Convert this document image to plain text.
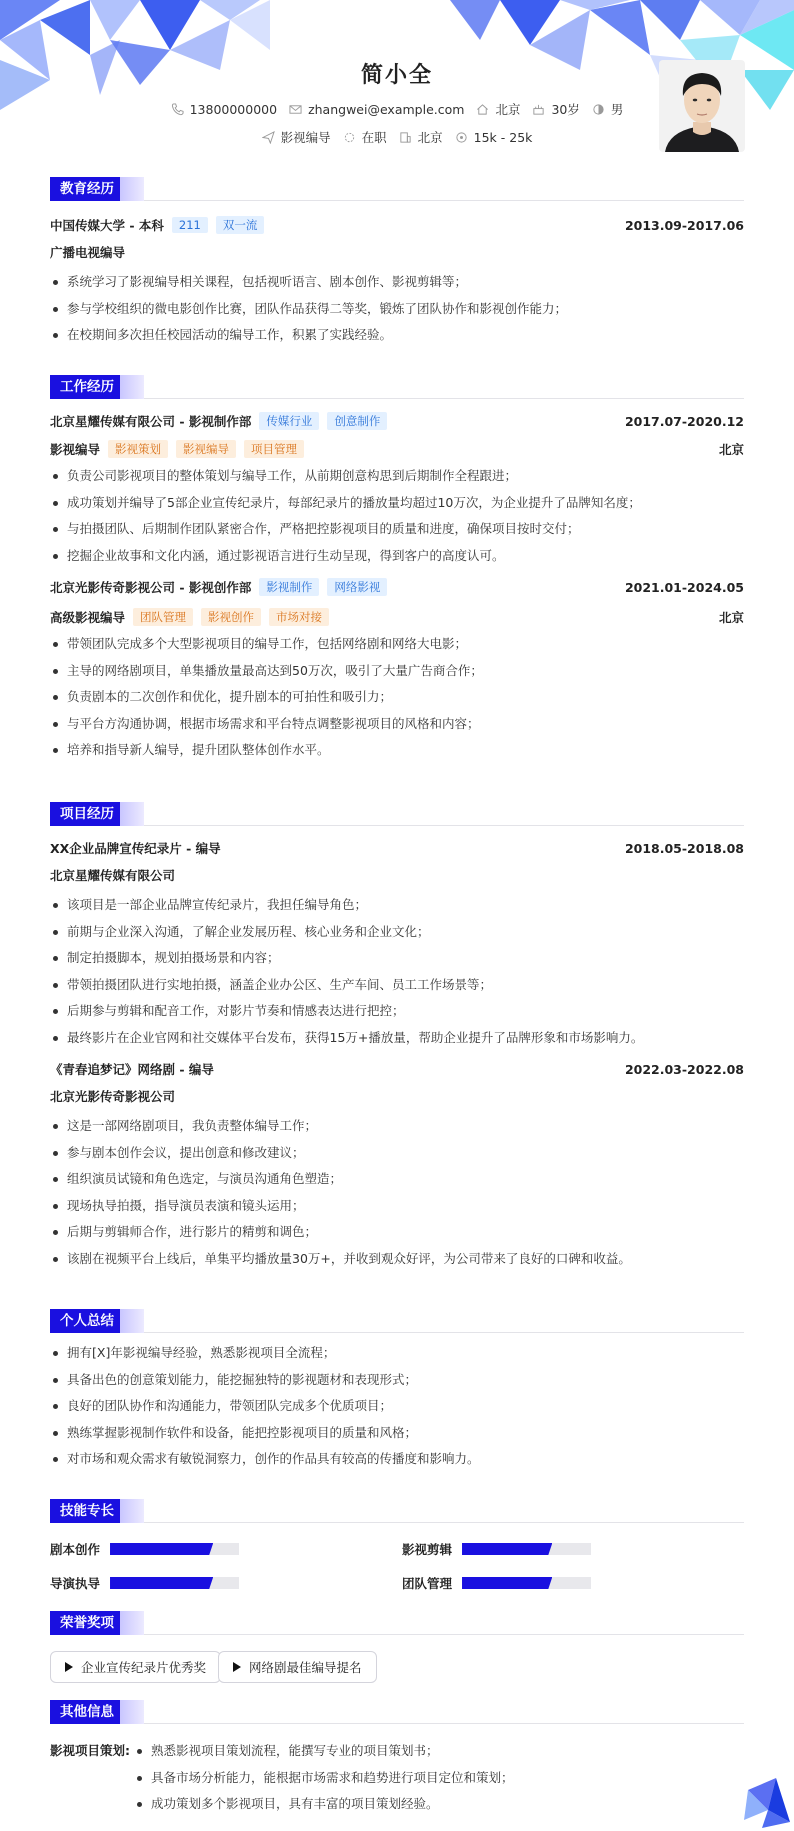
简小全
13800000000 zhangwei@example.com 北京 30岁 男
影视编导 在职 北京 15k - 25k
教育经历
中国传媒大学 - 本科	211	双一流	2013.09-2017.06
广播电视编导
系统学习了影视编导相关课程，包括视听语言、剧本创作、影视剪辑等；
参与学校组织的微电影创作比赛，团队作品获得二等奖，锻炼了团队协作和影视创作能力；
在校期间多次担任校园活动的编导工作，积累了实践经验。
工作经历
北京星耀传媒有限公司 - 影视制作部	传媒行业	创意制作	2017.07-2020.12
影视编导	影视策划	影视编导	项目管理	北京
负责公司影视项目的整体策划与编导工作，从前期创意构思到后期制作全程跟进；
成功策划并编导了5部企业宣传纪录片，每部纪录片的播放量均超过10万次，为企业提升了品牌知名度；
与拍摄团队、后期制作团队紧密合作，严格把控影视项目的质量和进度，确保项目按时交付；
挖掘企业故事和文化内涵，通过影视语言进行生动呈现，得到客户的高度认可。
北京光影传奇影视公司 - 影视创作部	影视制作	网络影视	2021.01-2024.05
高级影视编导	团队管理	影视创作	市场对接	北京
带领团队完成多个大型影视项目的编导工作，包括网络剧和网络大电影；
主导的网络剧项目，单集播放量最高达到50万次，吸引了大量广告商合作；
负责剧本的二次创作和优化，提升剧本的可拍性和吸引力；
与平台方沟通协调，根据市场需求和平台特点调整影视项目的风格和内容；
培养和指导新人编导，提升团队整体创作水平。
项目经历
XX企业品牌宣传纪录片 - 编导	2018.05-2018.08
北京星耀传媒有限公司
该项目是一部企业品牌宣传纪录片，我担任编导角色；
前期与企业深入沟通，了解企业发展历程、核心业务和企业文化；
制定拍摄脚本，规划拍摄场景和内容；
带领拍摄团队进行实地拍摄，涵盖企业办公区、生产车间、员工工作场景等；
后期参与剪辑和配音工作，对影片节奏和情感表达进行把控；
最终影片在企业官网和社交媒体平台发布，获得15万+播放量，帮助企业提升了品牌形象和市场影响力。
《青春追梦记》网络剧 - 编导	2022.03-2022.08
北京光影传奇影视公司
这是一部网络剧项目，我负责整体编导工作；
参与剧本创作会议，提出创意和修改建议；
组织演员试镜和角色选定，与演员沟通角色塑造；
现场执导拍摄，指导演员表演和镜头运用；
后期与剪辑师合作，进行影片的精剪和调色；
该剧在视频平台上线后，单集平均播放量30万+，并收到观众好评，为公司带来了良好的口碑和收益。
个人总结
拥有[X]年影视编导经验，熟悉影视项目全流程；
具备出色的创意策划能力，能挖掘独特的影视题材和表现形式；
良好的团队协作和沟通能力，带领团队完成多个优质项目；
熟练掌握影视制作软件和设备，能把控影视项目的质量和风格；
对市场和观众需求有敏锐洞察力，创作的作品具有较高的传播度和影响力。
技能专长
剧本创作	影视剪辑
导演执导	团队管理
荣誉奖项
企业宣传纪录片优秀奖	网络剧最佳编导提名
其他信息
影视项目策划:	熟悉影视项目策划流程，能撰写专业的项目策划书；
具备市场分析能力，能根据市场需求和趋势进行项目定位和策划；
成功策划多个影视项目，具有丰富的项目策划经验。
